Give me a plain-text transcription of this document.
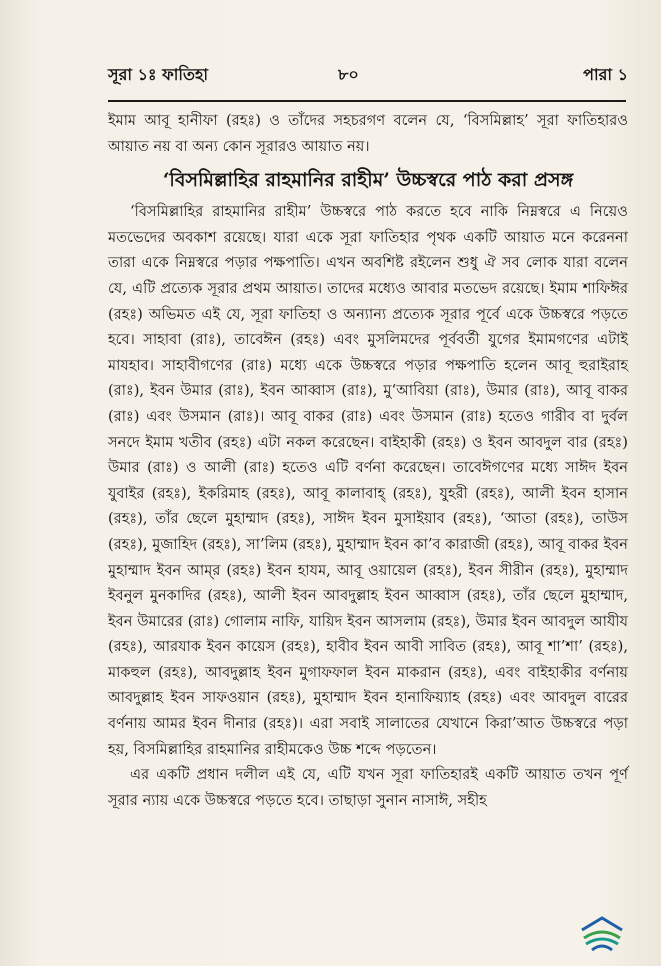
সূরা ১ঃ ফাতিহা	৮০	পারা ১

ইমাম আবূ হানীফা (রহঃ) ও তাঁদের সহচরগণ বলেন যে, ‘বিসমিল্লাহ’ সূরা ফাতিহারও আয়াত নয় বা অন্য কোন সূরারও আয়াত নয়।

‘বিসমিল্লাহির রাহমানির রাহীম’ উচ্চস্বরে পাঠ করা প্রসঙ্গ

‘বিসমিল্লাহির রাহমানির রাহীম’ উচ্চস্বরে পাঠ করতে হবে নাকি নিম্নস্বরে এ নিয়েও মতভেদের অবকাশ রয়েছে। যারা একে সূরা ফাতিহার পৃথক একটি আয়াত মনে করেননা তারা একে নিম্নস্বরে পড়ার পক্ষপাতি। এখন অবশিষ্ট রইলেন শুধু ঐ সব লোক যারা বলেন যে, এটি প্রত্যেক সূরার প্রথম আয়াত। তাদের মধ্যেও আবার মতভেদ রয়েছে। ইমাম শাফিঈর (রহঃ) অভিমত এই যে, সূরা ফাতিহা ও অন্যান্য প্রত্যেক সূরার পূর্বে একে উচ্চস্বরে পড়তে হবে। সাহাবা (রাঃ), তাবেঈন (রহঃ) এবং মুসলিমদের পূর্ববর্তী যুগের ইমামগণের এটাই মাযহাব। সাহাবীগণের (রাঃ) মধ্যে একে উচ্চস্বরে পড়ার পক্ষপাতি হলেন আবূ হুরাইরাহ (রাঃ), ইবন উমার (রাঃ), ইবন আব্বাস (রাঃ), মু‘আবিয়া (রাঃ), উমার (রাঃ), আবূ বাকর (রাঃ) এবং উসমান (রাঃ)। আবূ বাকর (রাঃ) এবং উসমান (রাঃ) হতেও গারীব বা দুর্বল সনদে ইমাম খতীব (রহঃ) এটা নকল করেছেন। বাইহাকী (রহঃ) ও ইবন আবদুল বার (রহঃ) উমার (রাঃ) ও আলী (রাঃ) হতেও এটি বর্ণনা করেছেন। তাবেঈগণের মধ্যে সাঈদ ইবন যুবাইর (রহঃ), ইকরিমাহ (রহঃ), আবূ কালাবাহ্ (রহঃ), যুহরী (রহঃ), আলী ইবন হাসান (রহঃ), তাঁর ছেলে মুহাম্মাদ (রহঃ), সাঈদ ইবন মুসাইয়াব (রহঃ), ‘আতা (রহঃ), তাউস (রহঃ), মুজাহিদ (রহঃ), সা’লিম (রহঃ), মুহাম্মাদ ইবন কা’ব কারাজী (রহঃ), আবূ বাকর ইবন মুহাম্মাদ ইবন আম্‌র (রহঃ) ইবন হাযম, আবূ ওয়ায়েল (রহঃ), ইবন সীরীন (রহঃ), মুহাম্মাদ ইবনুল মুনকাদির (রহঃ), আলী ইবন আবদুল্লাহ ইবন আব্বাস (রহঃ), তাঁর ছেলে মুহাম্মাদ, ইবন উমারের (রাঃ) গোলাম নাফি, যায়িদ ইবন আসলাম (রহঃ), উমার ইবন আবদুল আযীয (রহঃ), আরযাক ইবন কায়েস (রহঃ), হাবীব ইবন আবী সাবিত (রহঃ), আবূ শা’শা’ (রহঃ), মাকহুল (রহঃ), আবদুল্লাহ ইবন মুগাফফাল ইবন মাকরান (রহঃ), এবং বাইহাকীর বর্ণনায় আবদুল্লাহ ইবন সাফওয়ান (রহঃ), মুহাম্মাদ ইবন হানাফিয়্যাহ (রহঃ) এবং আবদুল বারের বর্ণনায় আমর ইবন দীনার (রহঃ)। এরা সবাই সালাতের যেখানে কিরা’আত উচ্চস্বরে পড়া হয়, বিসমিল্লাহির রাহমানির রাহীমকেও উচ্চ শব্দে পড়তেন।

এর একটি প্রধান দলীল এই যে, এটি যখন সূরা ফাতিহারই একটি আয়াত তখন পূর্ণ সূরার ন্যায় একে উচ্চস্বরে পড়তে হবে। তাছাড়া সুনান নাসাঈ, সহীহ
